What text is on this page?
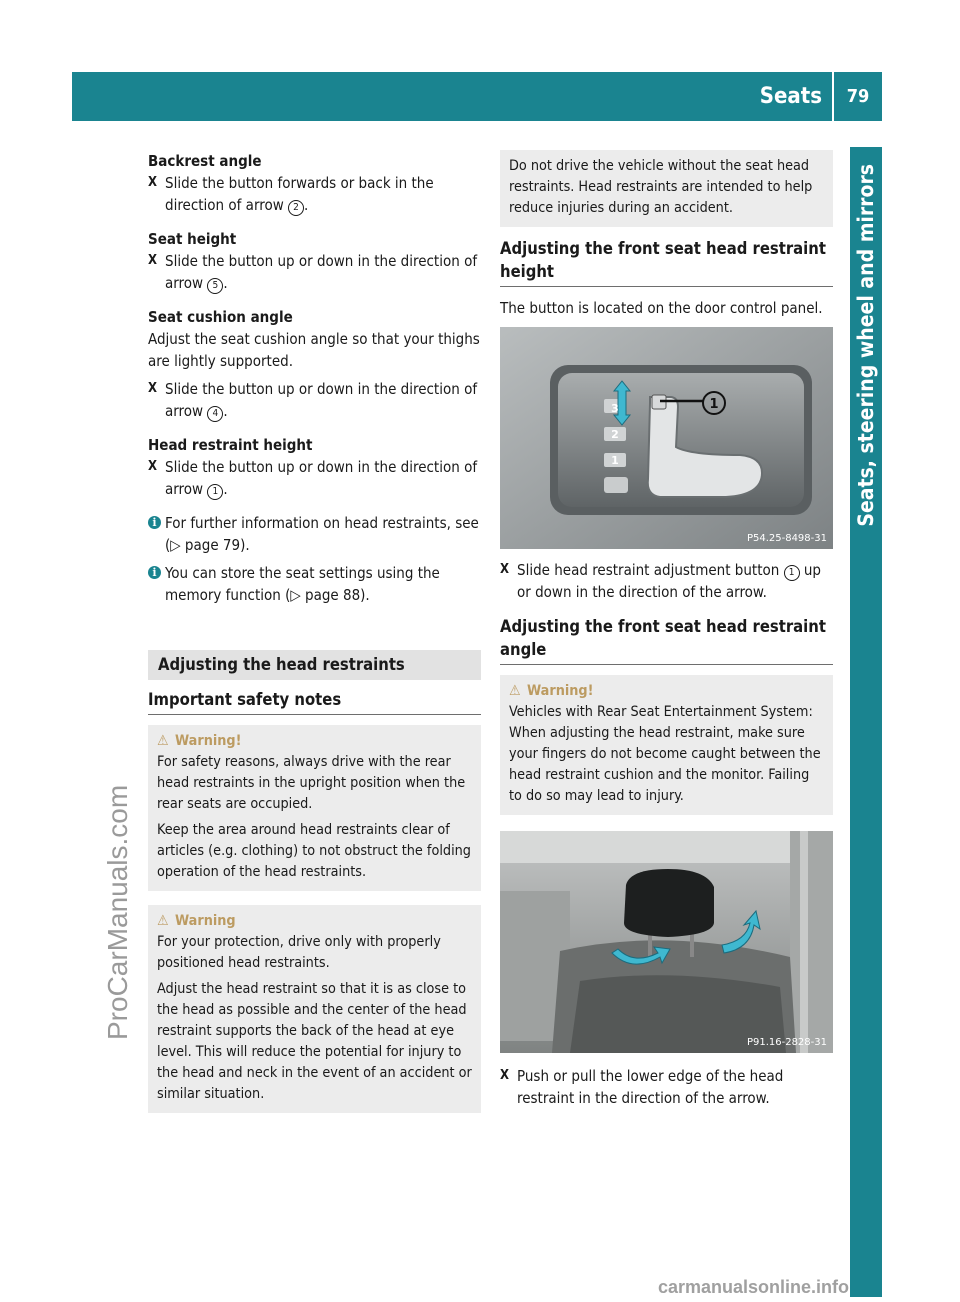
Seats	79
Seats, steering wheel and mirrors
ProCarManuals.com
carmanualsonline.info

Backrest angle

X Slide the button forwards or back in the direction of arrow 2 .

Seat height

X Slide the button up or down in the direction of arrow 5 .

Seat cushion angle

Adjust the seat cushion angle so that your thighs are lightly supported.

X Slide the button up or down in the direction of arrow 4 .

Head restraint height

X Slide the button up or down in the direction of arrow 1 .

i For further information on head restraints, see (▷ page 79).

i You can store the seat settings using the memory function (▷ page 88).

Adjusting the head restraints
Important safety notes

⚠ Warning!

For safety reasons, always drive with the rear head restraints in the upright position when the rear seats are occupied.

Keep the area around head restraints clear of articles (e.g. clothing) to not obstruct the folding operation of the head restraints.

⚠ Warning

For your protection, drive only with properly positioned head restraints.

Adjust the head restraint so that it is as close to the head as possible and the center of the head restraint supports the back of the head at eye level. This will reduce the potential for injury to the head and neck in the event of an accident or similar situation.

Do not drive the vehicle without the seat head restraints. Head restraints are intended to help reduce injuries during an accident.

Adjusting the front seat head restraint height

The button is located on the door control panel.

1
3
2
1
P54.25-8498-31

X Slide head restraint adjustment button 1 up or down in the direction of the arrow.

Adjusting the front seat head restraint angle

⚠ Warning!

Vehicles with Rear Seat Entertainment System: When adjusting the head restraint, make sure your fingers do not become caught between the head restraint cushion and the monitor. Failing to do so may lead to injury.

P91.16-2828-31

X Push or pull the lower edge of the head restraint in the direction of the arrow.
